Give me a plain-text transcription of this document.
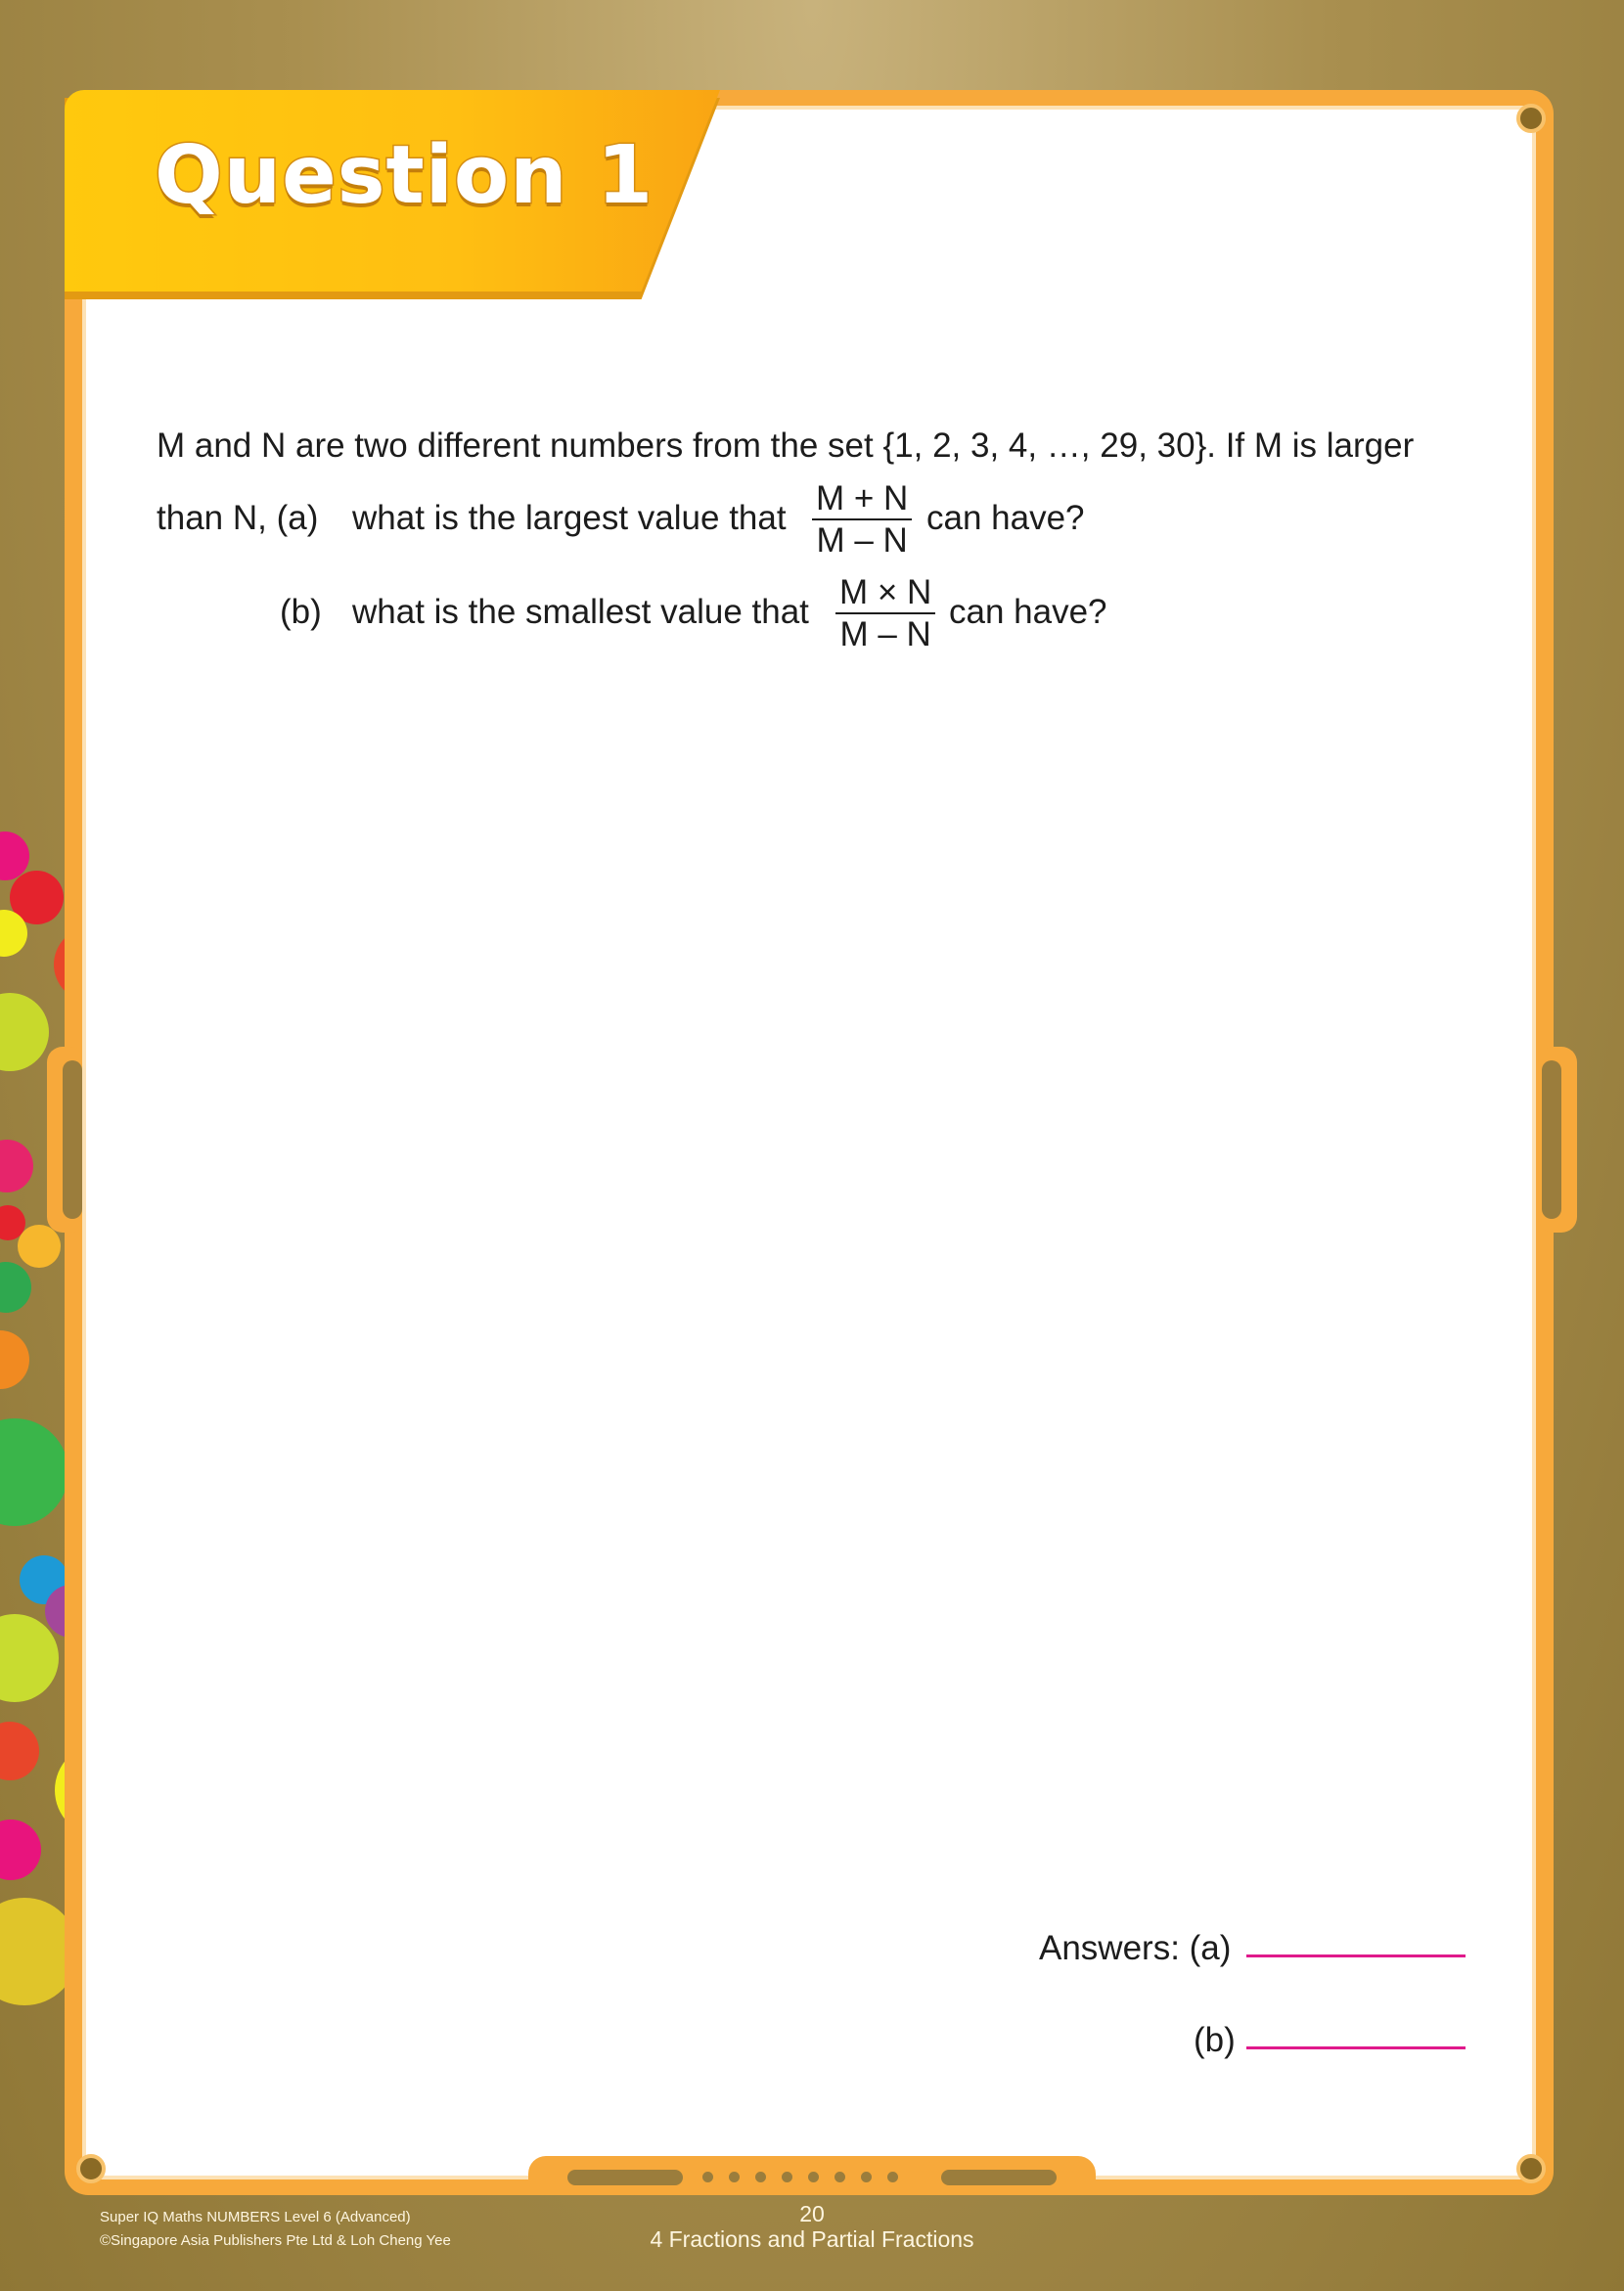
Question 1

M and N are two different numbers from the set {1, 2, 3, 4, …, 29, 30}. If M is larger

than N, (a) what is the largest value that

M + N
M – N

can have?

(b) what is the smallest value that

M × N
M – N

can have?

Answers: (a)

(b)

Super IQ Maths NUMBERS Level 6 (Advanced)

©Singapore Asia Publishers Pte Ltd & Loh Cheng Yee

20

4 Fractions and Partial Fractions
